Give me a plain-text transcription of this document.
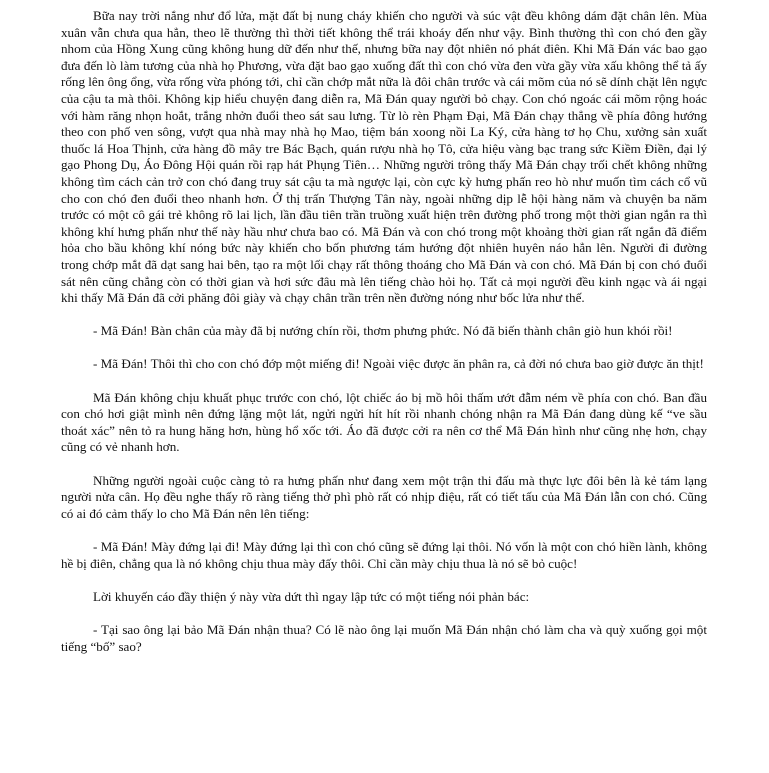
Bữa nay trời nắng như đổ lửa, mặt đất bị nung cháy khiến cho người và súc vật đều không dám đặt chân lên. Mùa xuân vẫn chưa qua hẳn, theo lẽ thường thì thời tiết không thể trái khoáy đến như vậy. Bình thường thì con chó đen gầy nhom của Hồng Xung cũng không hung dữ đến như thế, nhưng bữa nay đột nhiên nó phát điên. Khi Mã Đán vác bao gạo đưa đến lò làm tương của nhà họ Phương, vừa đặt bao gạo xuống đất thì con chó vừa đen vừa gầy vừa xấu không thể tả ấy rống lên ông ổng, vừa rống vừa phóng tới, chỉ cần chớp mắt nữa là đôi chân trước và cái mõm của nó sẽ dính chặt lên ngực của cậu ta mà thôi. Không kịp hiểu chuyện đang diễn ra, Mã Đán quay người bỏ chạy. Con chó ngoác cái mõm rộng hoác với hàm răng nhọn hoắt, trắng nhởn đuổi theo sát sau lưng. Từ lò rèn Phạm Đại, Mã Đán chạy thẳng về phía đông hướng theo con phố ven sông, vượt qua nhà may nhà họ Mao, tiệm bán xoong nồi La Ký, cửa hàng tơ họ Chu, xưởng sản xuất thuốc lá Hoa Thịnh, cửa hàng đồ mây tre Bác Bạch, quán rượu nhà họ Tô, cửa hiệu vàng bạc trang sức Kiềm Điền, đại lý gạo Phong Dụ, Áo Đông Hội quán rồi rạp hát Phụng Tiên… Những người trông thấy Mã Đán chạy trối chết không những không tìm cách cản trở con chó đang truy sát cậu ta mà ngược lại, còn cực kỳ hưng phấn reo hò như muốn tìm cách cổ vũ cho con chó đen đuổi theo nhanh hơn. Ở thị trấn Thượng Tân này, ngoài những dịp lễ hội hàng năm và chuyện ba năm trước có một cô gái trẻ không rõ lai lịch, lần đầu tiên trần truồng xuất hiện trên đường phố trong một thời gian ngắn ra thì không khí hưng phấn như thế này hầu như chưa bao có. Mã Đán và con chó trong một khoảng thời gian rất ngắn đã điểm hỏa cho bầu không khí nóng bức này khiến cho bốn phương tám hướng đột nhiên huyên náo hẳn lên. Người đi đường trong chớp mắt đã dạt sang hai bên, tạo ra một lối chạy rất thông thoáng cho Mã Đán và con chó. Mã Đán bị con chó đuổi sát nên cũng chẳng còn có thời gian và hơi sức đâu mà lên tiếng chào hỏi họ. Tất cả mọi người đều kinh ngạc và ái ngại khi thấy Mã Đán đã cởi phăng đôi giày và chạy chân trần trên nền đường nóng như bốc lửa như thế.

- Mã Đán! Bàn chân của mày đã bị nướng chín rồi, thơm phưng phức. Nó đã biến thành chân giò hun khói rồi!

- Mã Đán! Thôi thì cho con chó đớp một miếng đi! Ngoài việc được ăn phân ra, cả đời nó chưa bao giờ được ăn thịt!

Mã Đán không chịu khuất phục trước con chó, lột chiếc áo bị mồ hôi thấm ướt đẫm ném về phía con chó. Ban đầu con chó hơi giật mình nên đứng lặng một lát, ngửi ngửi hít hít rồi nhanh chóng nhận ra Mã Đán đang dùng kế “ve sầu thoát xác” nên tỏ ra hung hăng hơn, hùng hổ xốc tới. Áo đã được cởi ra nên cơ thể Mã Đán hình như cũng nhẹ hơn, chạy cũng có vẻ nhanh hơn.

Những người ngoài cuộc càng tỏ ra hưng phấn như đang xem một trận thi đấu mà thực lực đôi bên là kẻ tám lạng người nửa cân. Họ đều nghe thấy rõ ràng tiếng thở phì phò rất có nhịp điệu, rất có tiết tấu của Mã Đán lẫn con chó. Cũng có ai đó cảm thấy lo cho Mã Đán nên lên tiếng:

- Mã Đán! Mày đứng lại đi! Mày đứng lại thì con chó cũng sẽ đứng lại thôi. Nó vốn là một con chó hiền lành, không hề bị điên, chẳng qua là nó không chịu thua mày đấy thôi. Chỉ cần mày chịu thua là nó sẽ bỏ cuộc!

Lời khuyến cáo đầy thiện ý này vừa dứt thì ngay lập tức có một tiếng nói phản bác:

- Tại sao ông lại bảo Mã Đán nhận thua? Có lẽ nào ông lại muốn Mã Đán nhận chó làm cha và quỳ xuống gọi một tiếng “bố” sao?
